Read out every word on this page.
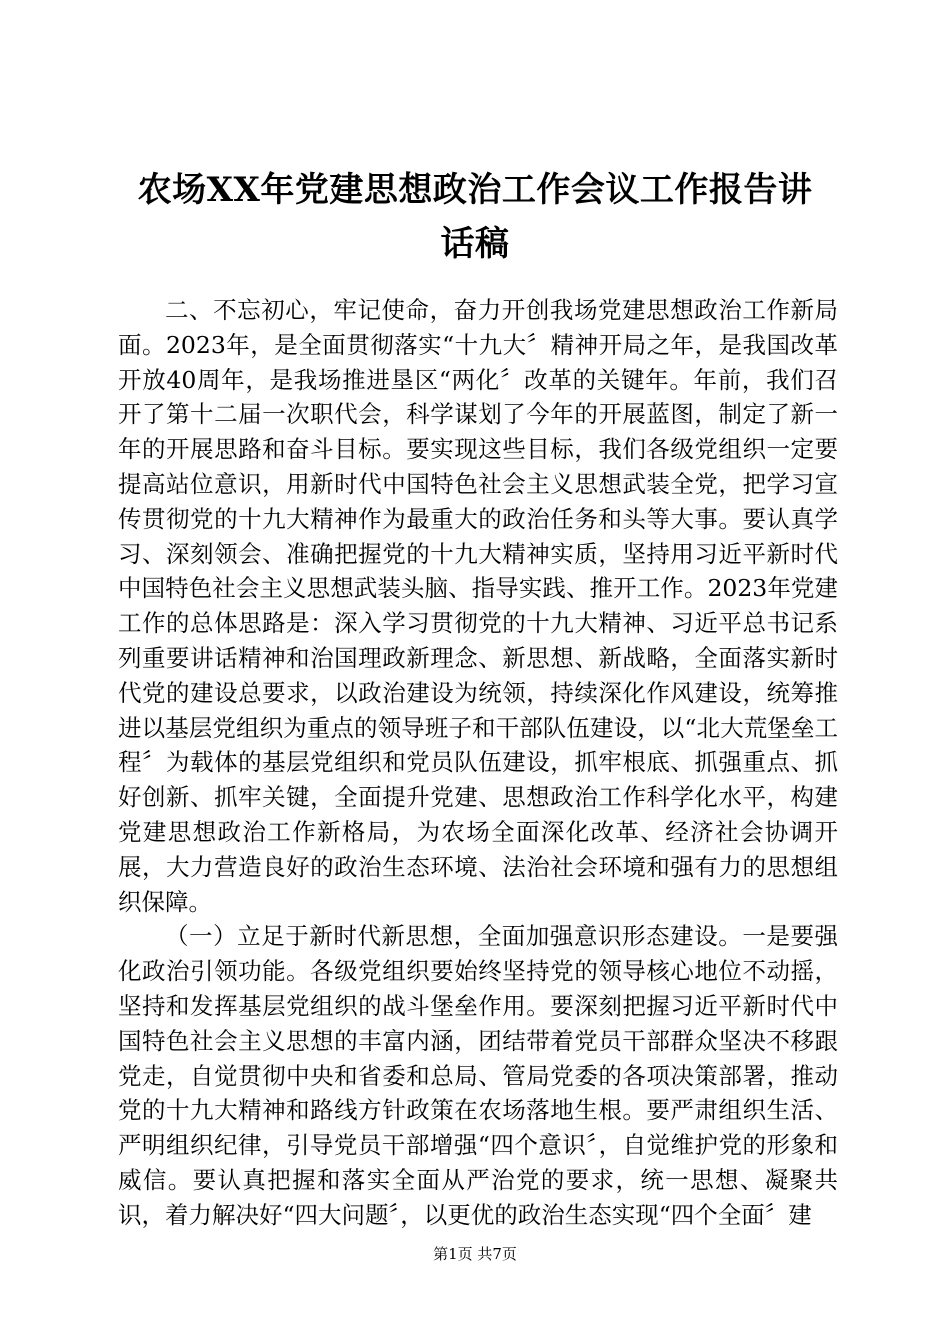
农场XX年党建思想政治工作会议工作报告讲
话稿

二、不忘初心，牢记使命，奋力开创我场党建思想政治工作新局面。2023年，是全面贯彻落实“十九大〞精神开局之年，是我国改革开放40周年，是我场推进垦区“两化〞改革的关键年。年前，我们召开了第十二届一次职代会，科学谋划了今年的开展蓝图，制定了新一年的开展思路和奋斗目标。要实现这些目标，我们各级党组织一定要提高站位意识，用新时代中国特色社会主义思想武装全党，把学习宣传贯彻党的十九大精神作为最重大的政治任务和头等大事。要认真学习、深刻领会、准确把握党的十九大精神实质，坚持用习近平新时代中国特色社会主义思想武装头脑、指导实践、推开工作。2023年党建工作的总体思路是：深入学习贯彻党的十九大精神、习近平总书记系列重要讲话精神和治国理政新理念、新思想、新战略，全面落实新时代党的建设总要求，以政治建设为统领，持续深化作风建设，统筹推进以基层党组织为重点的领导班子和干部队伍建设，以“北大荒堡垒工程〞为载体的基层党组织和党员队伍建设，抓牢根底、抓强重点、抓好创新、抓牢关键，全面提升党建、思想政治工作科学化水平，构建党建思想政治工作新格局，为农场全面深化改革、经济社会协调开展，大力营造良好的政治生态环境、法治社会环境和强有力的思想组织保障。

（一）立足于新时代新思想，全面加强意识形态建设。一是要强化政治引领功能。各级党组织要始终坚持党的领导核心地位不动摇，坚持和发挥基层党组织的战斗堡垒作用。要深刻把握习近平新时代中国特色社会主义思想的丰富内涵，团结带着党员干部群众坚决不移跟党走，自觉贯彻中央和省委和总局、管局党委的各项决策部署，推动党的十九大精神和路线方针政策在农场落地生根。要严肃组织生活、严明组织纪律，引导党员干部增强“四个意识〞，自觉维护党的形象和威信。要认真把握和落实全面从严治党的要求，统一思想、凝聚共识，着力解决好“四大问题〞，以更优的政治生态实现“四个全面〞建

第1页 共7页
